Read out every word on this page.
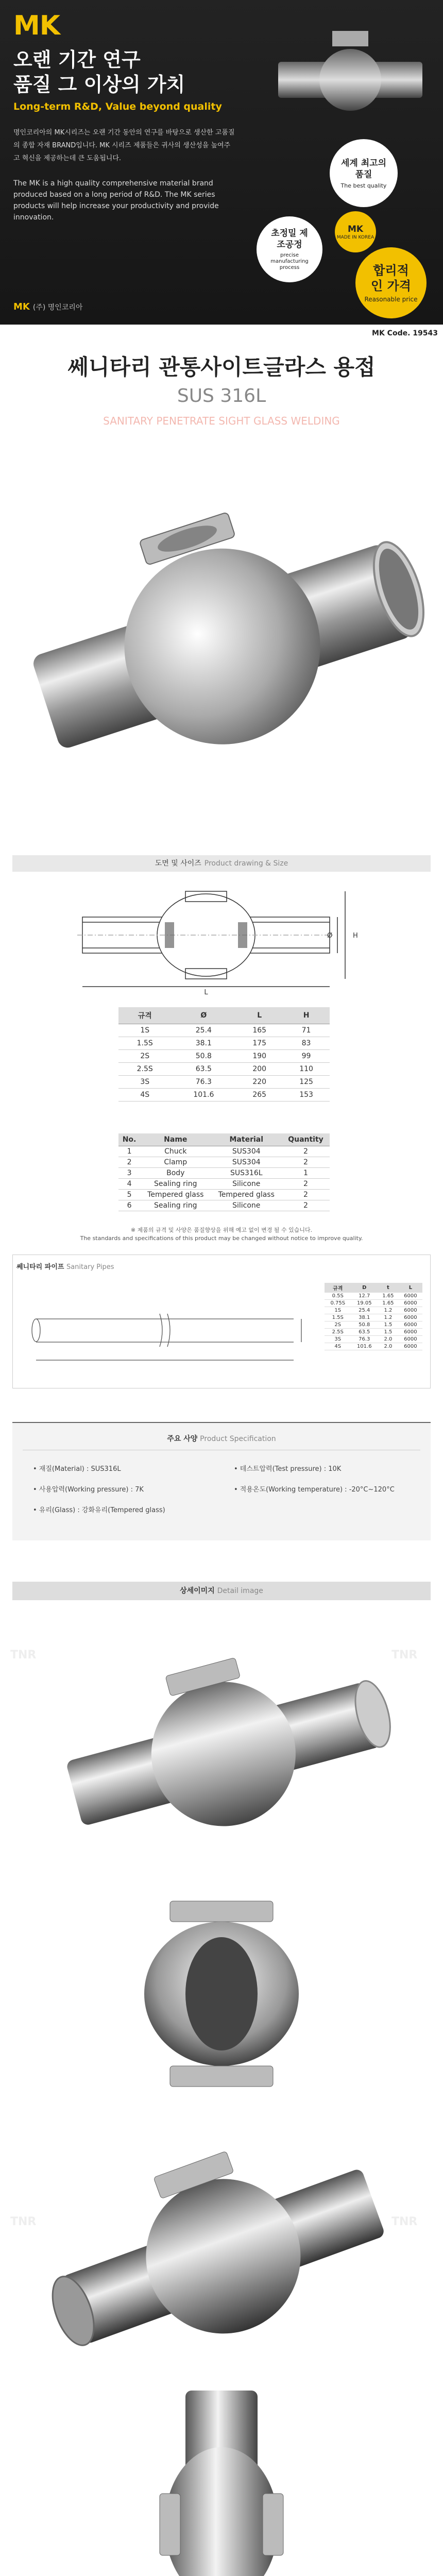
MK
오랜 기간 연구
품질 그 이상의 가치
Long-term R&D, Value beyond quality
명인코리아의 MK시리즈는 오랜 기간 동안의 연구를 바탕으로 생산한 고품질의 종합 자재 BRAND입니다. MK 시리즈 제품들은 귀사의 생산성을 높여주고 혁신을 제공하는데 큰 도움됩니다.
The MK is a high quality comprehensive material brand produced based on a long period of R&D. The MK series products will help increase your productivity and provide innovation.
MK (주) 명인코리아
세계 최고의 품질
The best quality
초정밀 제조공정
precise manufacturing process
MK
MADE IN KOREA
합리적인 가격
Reasonable price
MK Code. 19543
쎄니타리 관통사이트글라스 용접
SUS 316L
SANITARY PENETRATE SIGHT GLASS WELDING
도면 및 사이즈 Product drawing & Size
L
H
Ø
규격	Ø	L	H
1S	25.4	165	71
1.5S	38.1	175	83
2S	50.8	190	99
2.5S	63.5	200	110
3S	76.3	220	125
4S	101.6	265	153
No.	Name	Material	Quantity
1	Chuck	SUS304	2
2	Clamp	SUS304	2
3	Body	SUS316L	1
4	Sealing ring	Silicone	2
5	Tempered glass	Tempered glass	2
6	Sealing ring	Silicone	2
※ 제품의 규격 및 사양은 품질향상을 위해 예고 없이 변경 될 수 있습니다.
The standards and specifications of this product may be changed without notice to improve quality.
쎄니타리 파이프 Sanitary Pipes
규격	D	t	L
0.5S	12.7	1.65	6000
0.75S	19.05	1.65	6000
1S	25.4	1.2	6000
1.5S	38.1	1.2	6000
2S	50.8	1.5	6000
2.5S	63.5	1.5	6000
3S	76.3	2.0	6000
4S	101.6	2.0	6000
주요 사양 Product Specification
• 재질(Material) : SUS316L
• 사용압력(Working pressure) : 7K
• 유리(Glass) : 강화유리(Tempered glass)
• 테스트압력(Test pressure) : 10K
• 적용온도(Working temperature) : -20°C~120°C
상세이미지 Detail image
TNR	TNR
TNR	TNR
